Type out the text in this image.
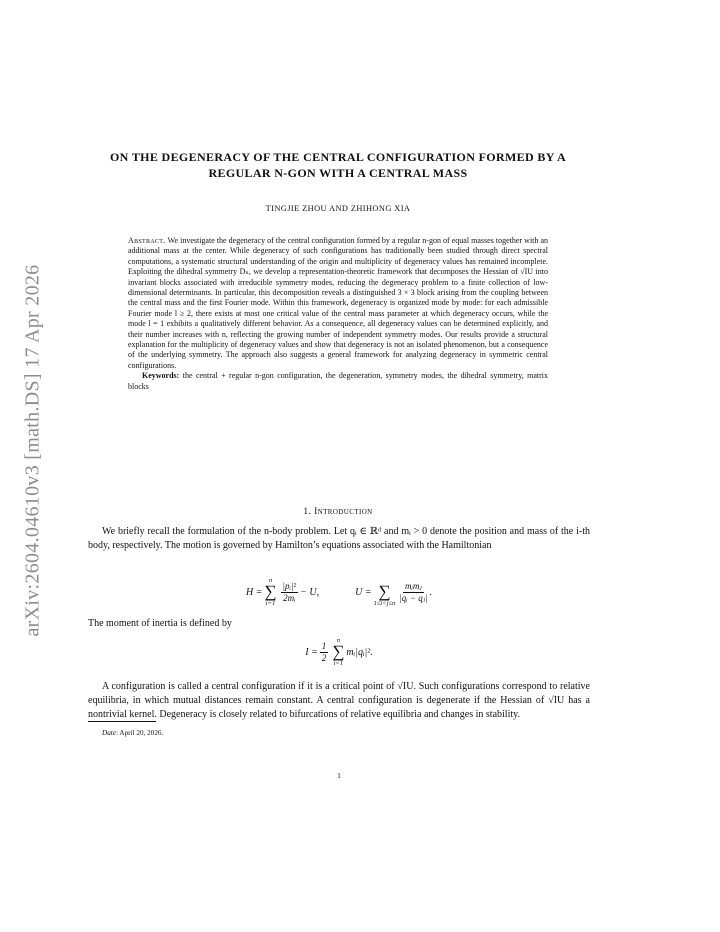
arXiv:2604.04610v3 [math.DS] 17 Apr 2026
ON THE DEGENERACY OF THE CENTRAL CONFIGURATION FORMED BY A REGULAR N-GON WITH A CENTRAL MASS
TINGJIE ZHOU AND ZHIHONG XIA

Abstract. We investigate the degeneracy of the central configuration formed by a regular n-gon of equal masses together with an additional mass at the center. While degeneracy of such configurations has traditionally been studied through direct spectral computations, a systematic structural understanding of the origin and multiplicity of degeneracy values has remained incomplete. Exploiting the dihedral symmetry Dₙ, we develop a representation-theoretic framework that decomposes the Hessian of √IU into invariant blocks associated with irreducible symmetry modes, reducing the degeneracy problem to a finite collection of low-dimensional determinants. In particular, this decomposition reveals a distinguished 3 × 3 block arising from the coupling between the central mass and the first Fourier mode. Within this framework, degeneracy is organized mode by mode: for each admissible Fourier mode l ≥ 2, there exists at most one critical value of the central mass parameter at which degeneracy occurs, while the mode l = 1 exhibits a qualitatively different behavior. As a consequence, all degeneracy values can be determined explicitly, and their number increases with n, reflecting the growing number of independent symmetry modes. Our results provide a structural explanation for the multiplicity of degeneracy values and show that degeneracy is not an isolated phenomenon, but a consequence of the underlying symmetry. The approach also suggests a general framework for analyzing degeneracy in symmetric central configurations.

Keywords: the central + regular n-gon configuration, the degeneration, symmetry modes, the dihedral symmetry, matrix blocks

1. Introduction

We briefly recall the formulation of the n-body problem. Let qᵢ ∈ ℝᵈ and mᵢ > 0 denote the position and mass of the i-th body, respectively. The motion is governed by Hamilton’s equations associated with the Hamiltonian

H =
n
∑
$i=1 \frac{\text{|pᵢ|²}}{\text{2mᵢ}} - U$,	U =
∑
$1\le i<j\le n \frac{\text{mᵢmⱼ}}{\text{|qᵢ − qⱼ|}}$ .

The moment of inertia is defined by

$I = \frac{1}{2}$ n
∑
i=1
mᵢ|qᵢ|².

A configuration is called a central configuration if it is a critical point of √IU. Such configurations correspond to relative equilibria, in which mutual distances remain constant. A central configuration is degenerate if the Hessian of √IU has a nontrivial kernel. Degeneracy is closely related to bifurcations of relative equilibria and changes in stability.

Date: April 20, 2026.
1
